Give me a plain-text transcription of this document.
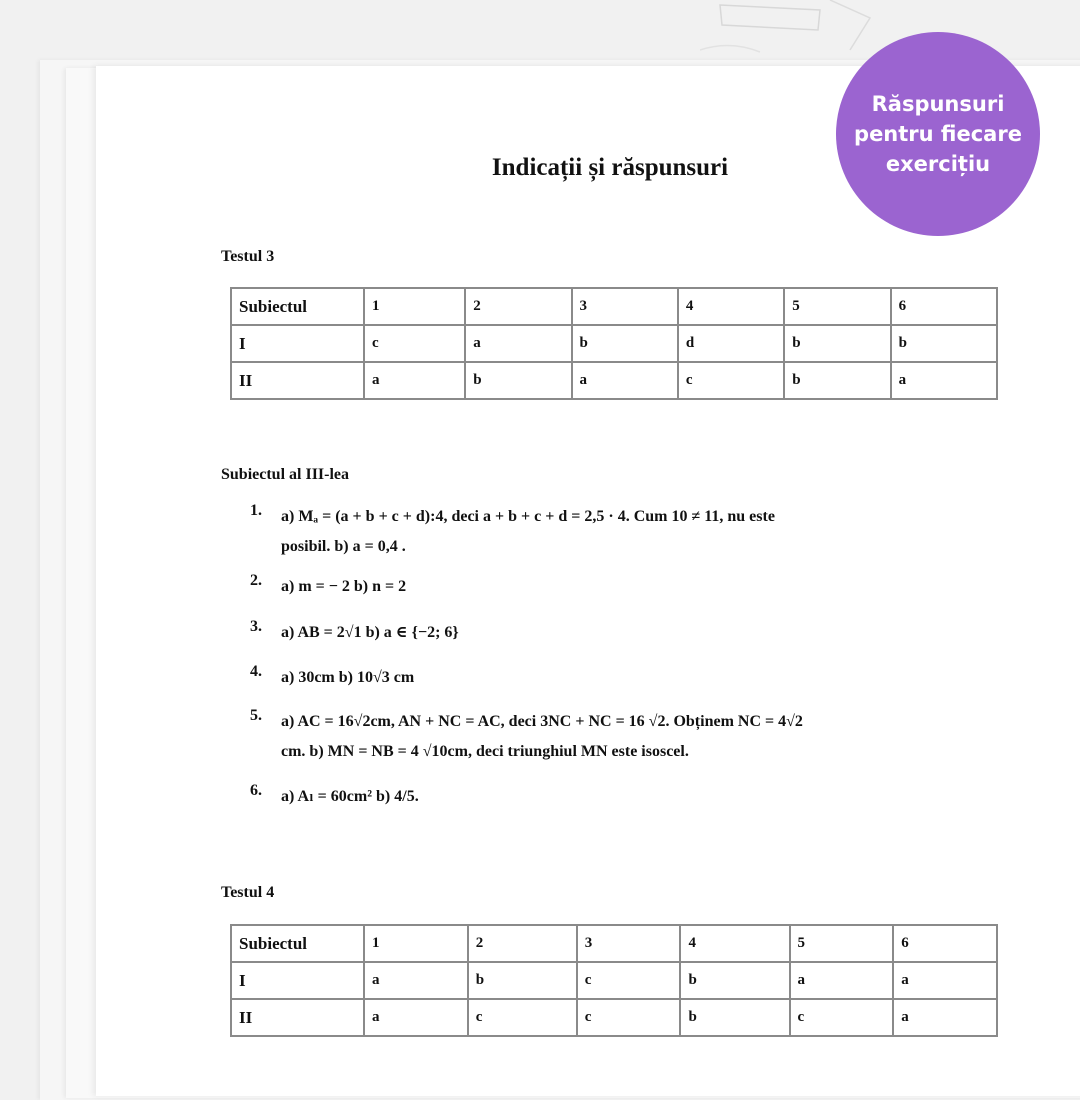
Răspunsuri pentru fiecare exercițiu
Indicații și răspunsuri

Testul 3

Subiectul	1	2	3	4	5	6
I	c	a	b	d	b	b
II	a	b	a	c	b	a

Subiectul al III-lea

1. a) Mₐ = (a + b + c + d):4, deci a + b + c + d = 2,5 · 4. Cum 10 ≠ 11, nu este
posibil. b) a = 0,4 .
2. a) m = − 2 b) n = 2
3. a) AB = 2√1 b) a ∈ {−2; 6}
4. a) 30cm b) 10√3 cm
5. a) AC = 16√2cm, AN + NC = AC, deci 3NC + NC = 16 √2. Obținem NC = 4√2
cm. b) MN = NB = 4 √10cm, deci triunghiul MN este isoscel.
6. a) Aₗ = 60cm² b) 4/5.

Testul 4

Subiectul	1	2	3	4	5	6
I	a	b	c	b	a	a
II	a	c	c	b	c	a
